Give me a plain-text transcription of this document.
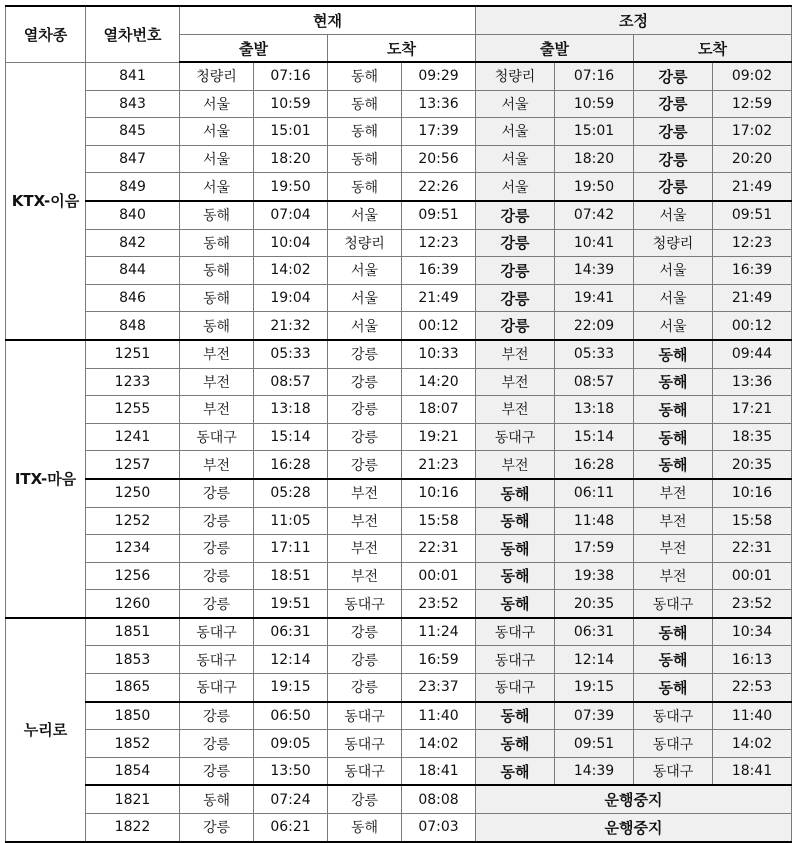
열차종	열차번호	현재				조정			
		출발		도착		출발		도착	
KTX-이음	841	청량리	07:16	동해	09:29	청량리	07:16	강릉	09:02
	843	서울	10:59	동해	13:36	서울	10:59	강릉	12:59
	845	서울	15:01	동해	17:39	서울	15:01	강릉	17:02
	847	서울	18:20	동해	20:56	서울	18:20	강릉	20:20
	849	서울	19:50	동해	22:26	서울	19:50	강릉	21:49
	840	동해	07:04	서울	09:51	강릉	07:42	서울	09:51
	842	동해	10:04	청량리	12:23	강릉	10:41	청량리	12:23
	844	동해	14:02	서울	16:39	강릉	14:39	서울	16:39
	846	동해	19:04	서울	21:49	강릉	19:41	서울	21:49
	848	동해	21:32	서울	00:12	강릉	22:09	서울	00:12
ITX-마음	1251	부전	05:33	강릉	10:33	부전	05:33	동해	09:44
	1233	부전	08:57	강릉	14:20	부전	08:57	동해	13:36
	1255	부전	13:18	강릉	18:07	부전	13:18	동해	17:21
	1241	동대구	15:14	강릉	19:21	동대구	15:14	동해	18:35
	1257	부전	16:28	강릉	21:23	부전	16:28	동해	20:35
	1250	강릉	05:28	부전	10:16	동해	06:11	부전	10:16
	1252	강릉	11:05	부전	15:58	동해	11:48	부전	15:58
	1234	강릉	17:11	부전	22:31	동해	17:59	부전	22:31
	1256	강릉	18:51	부전	00:01	동해	19:38	부전	00:01
	1260	강릉	19:51	동대구	23:52	동해	20:35	동대구	23:52
누리로	1851	동대구	06:31	강릉	11:24	동대구	06:31	동해	10:34
	1853	동대구	12:14	강릉	16:59	동대구	12:14	동해	16:13
	1865	동대구	19:15	강릉	23:37	동대구	19:15	동해	22:53
	1850	강릉	06:50	동대구	11:40	동해	07:39	동대구	11:40
	1852	강릉	09:05	동대구	14:02	동해	09:51	동대구	14:02
	1854	강릉	13:50	동대구	18:41	동해	14:39	동대구	18:41
	1821	동해	07:24	강릉	08:08	운행중지			
	1822	강릉	06:21	동해	07:03	운행중지			
